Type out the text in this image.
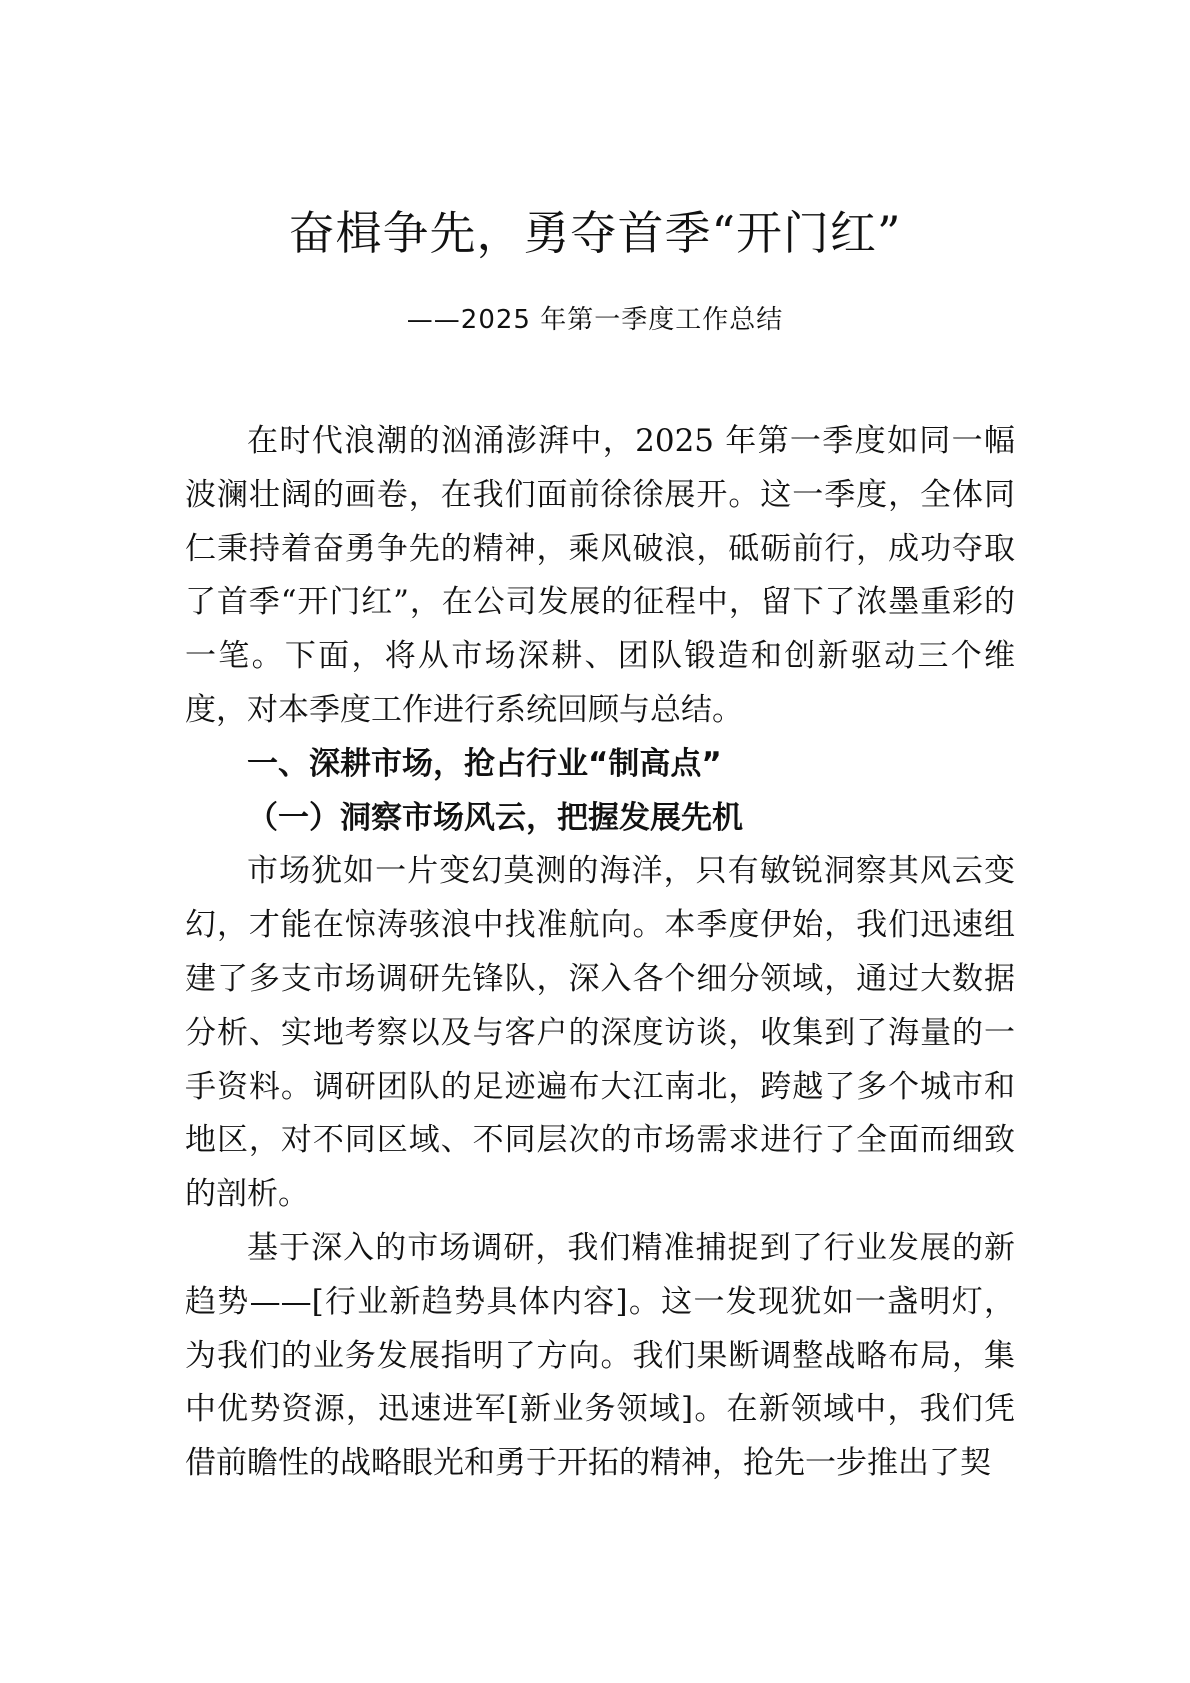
奋楫争先，勇夺首季“开门红”
——2025 年第一季度工作总结

在时代浪潮的汹涌澎湃中，2025 年第一季度如同一幅波澜壮阔的画卷，在我们面前徐徐展开。这一季度，全体同仁秉持着奋勇争先的精神，乘风破浪，砥砺前行，成功夺取了首季“开门红”，在公司发展的征程中，留下了浓墨重彩的一笔。下面，将从市场深耕、团队锻造和创新驱动三个维度，对本季度工作进行系统回顾与总结。

一、深耕市场，抢占行业“制高点”
（一）洞察市场风云，把握发展先机

市场犹如一片变幻莫测的海洋，只有敏锐洞察其风云变幻，才能在惊涛骇浪中找准航向。本季度伊始，我们迅速组建了多支市场调研先锋队，深入各个细分领域，通过大数据分析、实地考察以及与客户的深度访谈，收集到了海量的一手资料。调研团队的足迹遍布大江南北，跨越了多个城市和地区，对不同区域、不同层次的市场需求进行了全面而细致的剖析。

基于深入的市场调研，我们精准捕捉到了行业发展的新趋势——[行业新趋势具体内容]。这一发现犹如一盏明灯，为我们的业务发展指明了方向。我们果断调整战略布局，集中优势资源，迅速进军[新业务领域]。在新领域中，我们凭借前瞻性的战略眼光和勇于开拓的精神，抢先一步推出了契
